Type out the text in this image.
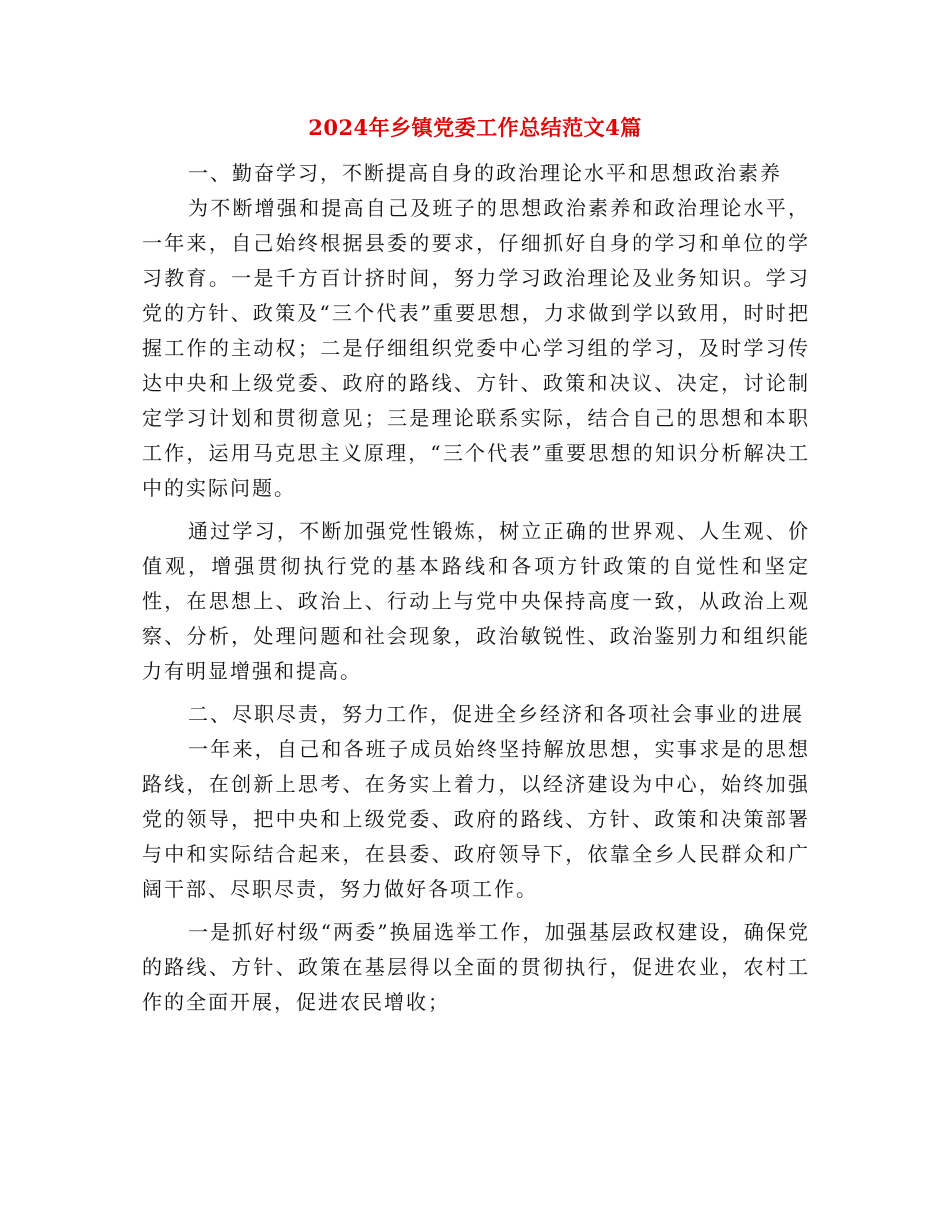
2024年乡镇党委工作总结范文4篇

一、勤奋学习，不断提高自身的政治理论水平和思想政治素养

为不断增强和提高自己及班子的思想政治素养和政治理论水平，一年来，自己始终根据县委的要求，仔细抓好自身的学习和单位的学习教育。一是千方百计挤时间，努力学习政治理论及业务知识。学习党的方针、政策及“三个代表”重要思想，力求做到学以致用，时时把握工作的主动权；二是仔细组织党委中心学习组的学习，及时学习传达中央和上级党委、政府的路线、方针、政策和决议、决定，讨论制定学习计划和贯彻意见；三是理论联系实际，结合自己的思想和本职工作，运用马克思主义原理，“三个代表”重要思想的知识分析解决工中的实际问题。

通过学习，不断加强党性锻炼，树立正确的世界观、人生观、价值观，增强贯彻执行党的基本路线和各项方针政策的自觉性和坚定性，在思想上、政治上、行动上与党中央保持高度一致，从政治上观察、分析，处理问题和社会现象，政治敏锐性、政治鉴别力和组织能力有明显增强和提高。

二、尽职尽责，努力工作，促进全乡经济和各项社会事业的进展

一年来，自己和各班子成员始终坚持解放思想，实事求是的思想路线，在创新上思考、在务实上着力，以经济建设为中心，始终加强党的领导，把中央和上级党委、政府的路线、方针、政策和决策部署与中和实际结合起来，在县委、政府领导下，依靠全乡人民群众和广阔干部、尽职尽责，努力做好各项工作。

一是抓好村级“两委”换届选举工作，加强基层政权建设，确保党的路线、方针、政策在基层得以全面的贯彻执行，促进农业，农村工作的全面开展，促进农民增收；
